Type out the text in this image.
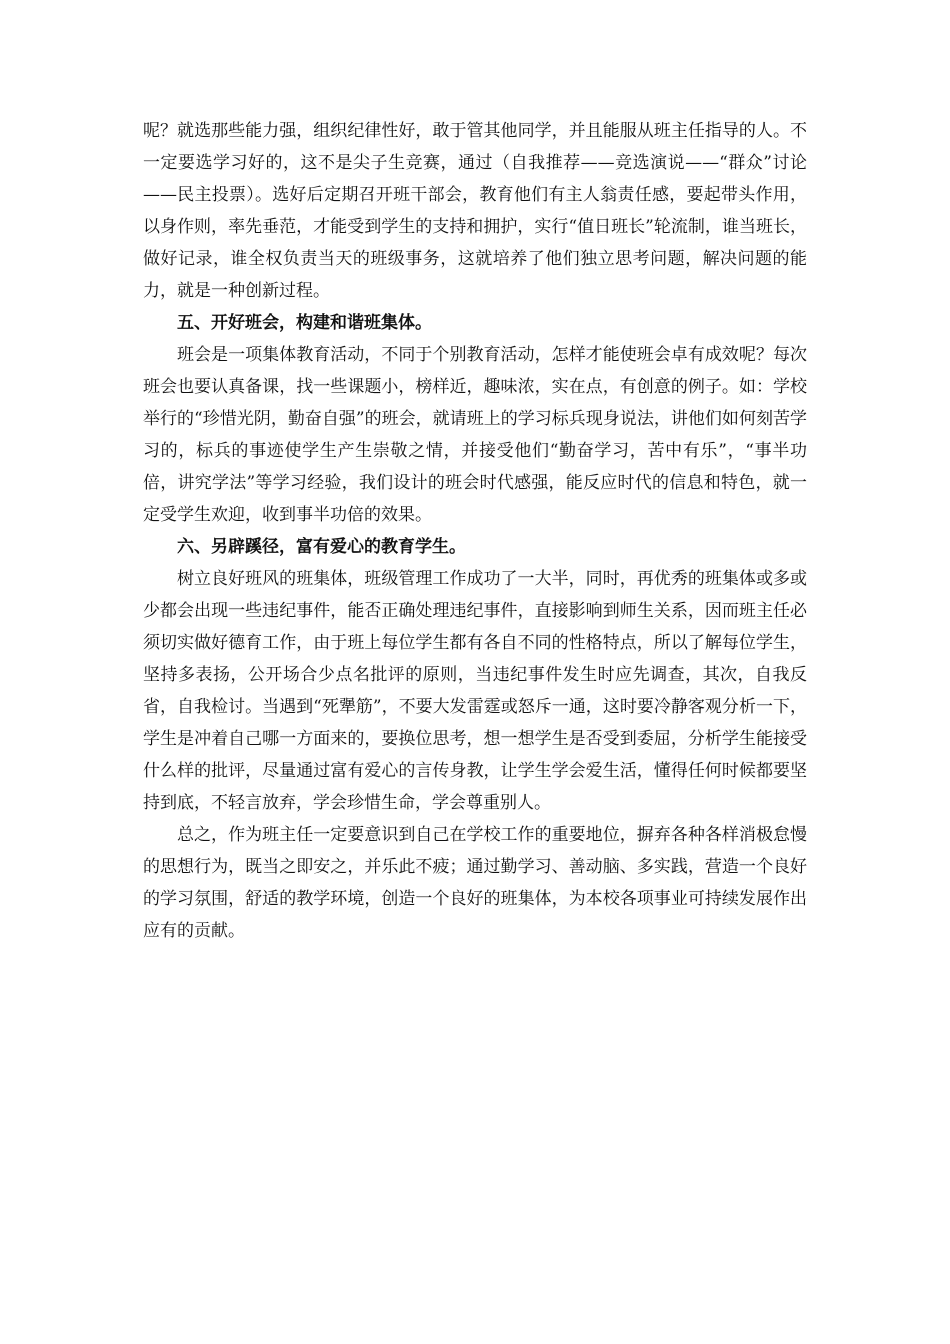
呢？就选那些能力强，组织纪律性好，敢于管其他同学，并且能服从班主任指导的人。不一定要选学习好的，这不是尖子生竞赛，通过（自我推荐——竞选演说——“群众”讨论——民主投票）。选好后定期召开班干部会，教育他们有主人翁责任感，要起带头作用，以身作则，率先垂范，才能受到学生的支持和拥护，实行“值日班长”轮流制，谁当班长，做好记录，谁全权负责当天的班级事务，这就培养了他们独立思考问题，解决问题的能力，就是一种创新过程。

五、开好班会，构建和谐班集体。

班会是一项集体教育活动，不同于个别教育活动，怎样才能使班会卓有成效呢？每次班会也要认真备课，找一些课题小，榜样近，趣味浓，实在点，有创意的例子。如：学校举行的“珍惜光阴，勤奋自强”的班会，就请班上的学习标兵现身说法，讲他们如何刻苦学习的，标兵的事迹使学生产生崇敬之情，并接受他们“勤奋学习，苦中有乐”，“事半功倍，讲究学法”等学习经验，我们设计的班会时代感强，能反应时代的信息和特色，就一定受学生欢迎，收到事半功倍的效果。

六、另辟蹊径，富有爱心的教育学生。

树立良好班风的班集体，班级管理工作成功了一大半，同时，再优秀的班集体或多或少都会出现一些违纪事件，能否正确处理违纪事件，直接影响到师生关系，因而班主任必须切实做好德育工作，由于班上每位学生都有各自不同的性格特点，所以了解每位学生，坚持多表扬，公开场合少点名批评的原则，当违纪事件发生时应先调查，其次，自我反省，自我检讨。当遇到“死犟筋”，不要大发雷霆或怒斥一通，这时要冷静客观分析一下，学生是冲着自己哪一方面来的，要换位思考，想一想学生是否受到委屈，分析学生能接受什么样的批评，尽量通过富有爱心的言传身教，让学生学会爱生活，懂得任何时候都要坚持到底，不轻言放弃，学会珍惜生命，学会尊重别人。

总之，作为班主任一定要意识到自己在学校工作的重要地位，摒弃各种各样消极怠慢的思想行为，既当之即安之，并乐此不疲；通过勤学习、善动脑、多实践，营造一个良好的学习氛围，舒适的教学环境，创造一个良好的班集体，为本校各项事业可持续发展作出应有的贡献。
